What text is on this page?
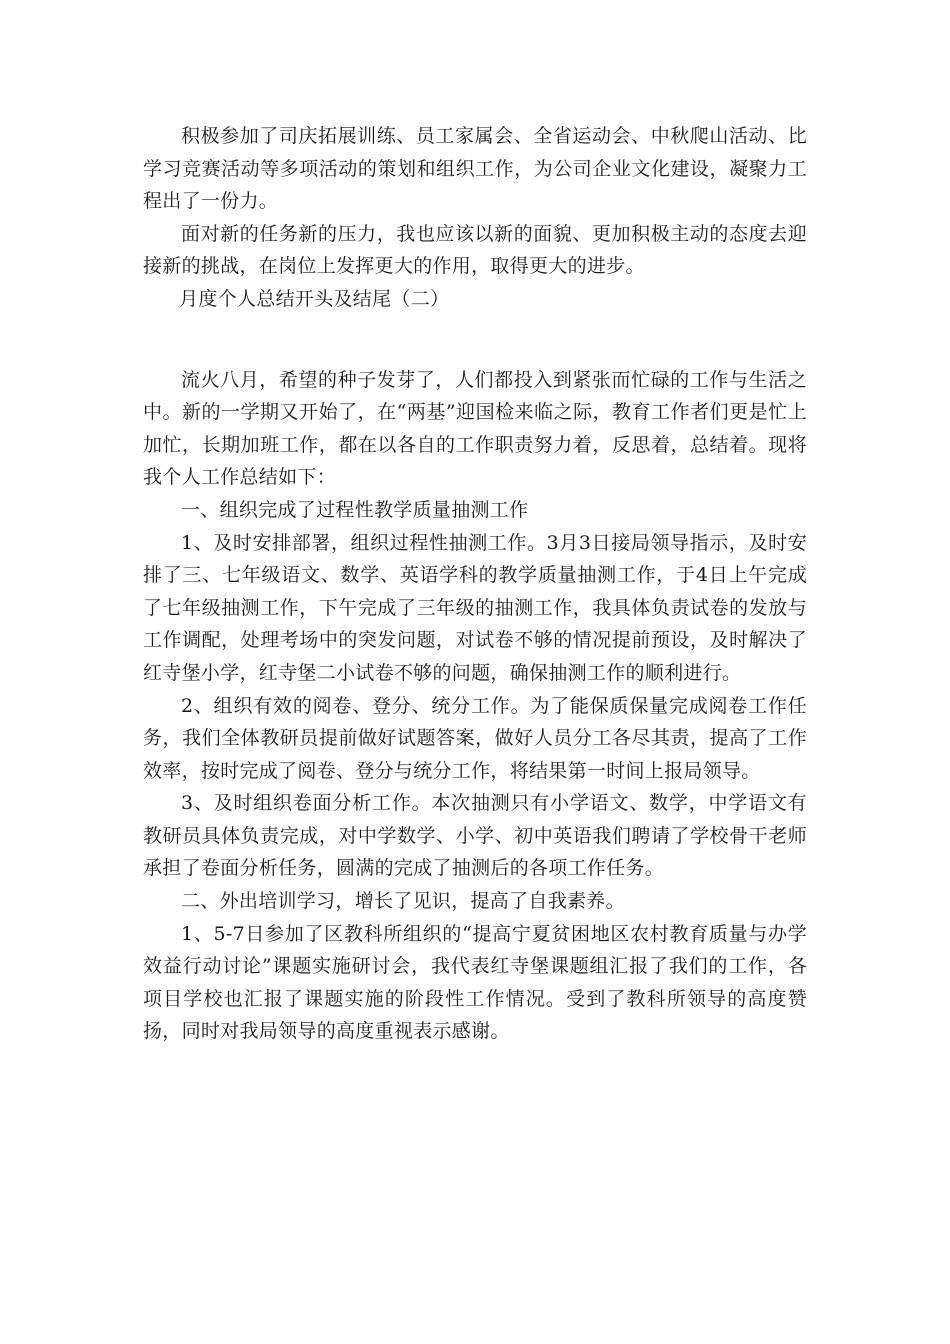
积极参加了司庆拓展训练、员工家属会、全省运动会、中秋爬山活动、比学习竞赛活动等多项活动的策划和组织工作，为公司企业文化建设，凝聚力工程出了一份力。

面对新的任务新的压力，我也应该以新的面貌、更加积极主动的态度去迎接新的挑战，在岗位上发挥更大的作用，取得更大的进步。

月度个人总结开头及结尾（二）

流火八月，希望的种子发芽了，人们都投入到紧张而忙碌的工作与生活之中。新的一学期又开始了，在“两基”迎国检来临之际，教育工作者们更是忙上加忙，长期加班工作，都在以各自的工作职责努力着，反思着，总结着。现将我个人工作总结如下：

一、组织完成了过程性教学质量抽测工作

1、及时安排部署，组织过程性抽测工作。3月3日接局领导指示，及时安排了三、七年级语文、数学、英语学科的教学质量抽测工作，于4日上午完成了七年级抽测工作，下午完成了三年级的抽测工作，我具体负责试卷的发放与工作调配，处理考场中的突发问题，对试卷不够的情况提前预设，及时解决了红寺堡小学，红寺堡二小试卷不够的问题，确保抽测工作的顺利进行。

2、组织有效的阅卷、登分、统分工作。为了能保质保量完成阅卷工作任务，我们全体教研员提前做好试题答案，做好人员分工各尽其责，提高了工作效率，按时完成了阅卷、登分与统分工作，将结果第一时间上报局领导。

3、及时组织卷面分析工作。本次抽测只有小学语文、数学，中学语文有教研员具体负责完成，对中学数学、小学、初中英语我们聘请了学校骨干老师承担了卷面分析任务，圆满的完成了抽测后的各项工作任务。

二、外出培训学习，增长了见识，提高了自我素养。

1、5-7日参加了区教科所组织的“提高宁夏贫困地区农村教育质量与办学效益行动讨论”课题实施研讨会，我代表红寺堡课题组汇报了我们的工作，各项目学校也汇报了课题实施的阶段性工作情况。受到了教科所领导的高度赞扬，同时对我局领导的高度重视表示感谢。
